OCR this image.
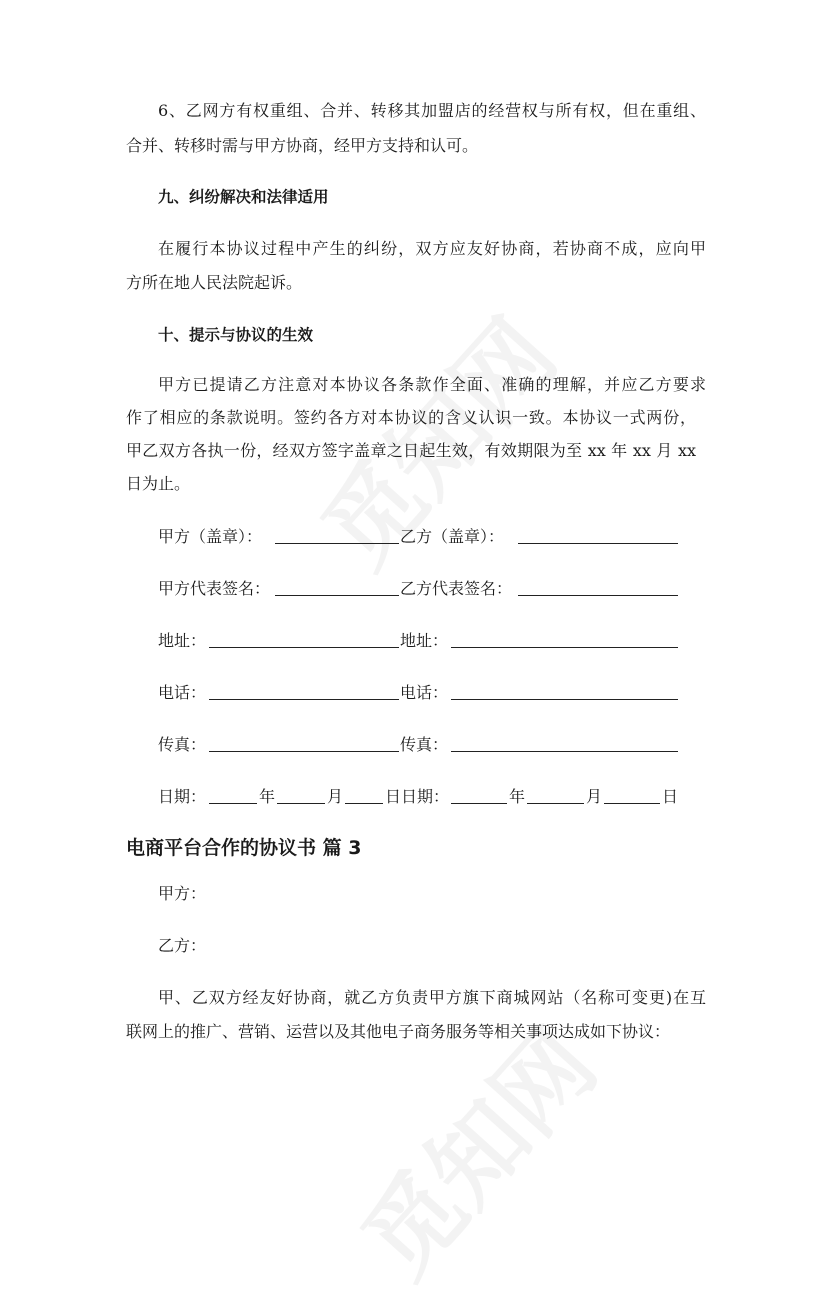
6、乙网方有权重组、合并、转移其加盟店的经营权与所有权，但在重组、
合并、转移时需与甲方协商，经甲方支持和认可。
九、纠纷解决和法律适用
在履行本协议过程中产生的纠纷，双方应友好协商，若协商不成，应向甲
方所在地人民法院起诉。
十、提示与协议的生效
甲方已提请乙方注意对本协议各条款作全面、准确的理解，并应乙方要求
作了相应的条款说明。签约各方对本协议的含义认识一致。本协议一式两份，
甲乙双方各执一份，经双方签字盖章之日起生效，有效期限为至 xx 年 xx 月 xx
日为止。
甲方（盖章）：	乙方（盖章）：
甲方代表签名：	乙方代表签名：
地址：	地址：
电话：	电话：
传真：	传真：
日期：	年	月	日日期：	年	月	日
电商平台合作的协议书 篇 3
甲方：
乙方：
甲、乙双方经友好协商，就乙方负责甲方旗下商城网站（名称可变更)在互
联网上的推广、营销、运营以及其他电子商务服务等相关事项达成如下协议：
